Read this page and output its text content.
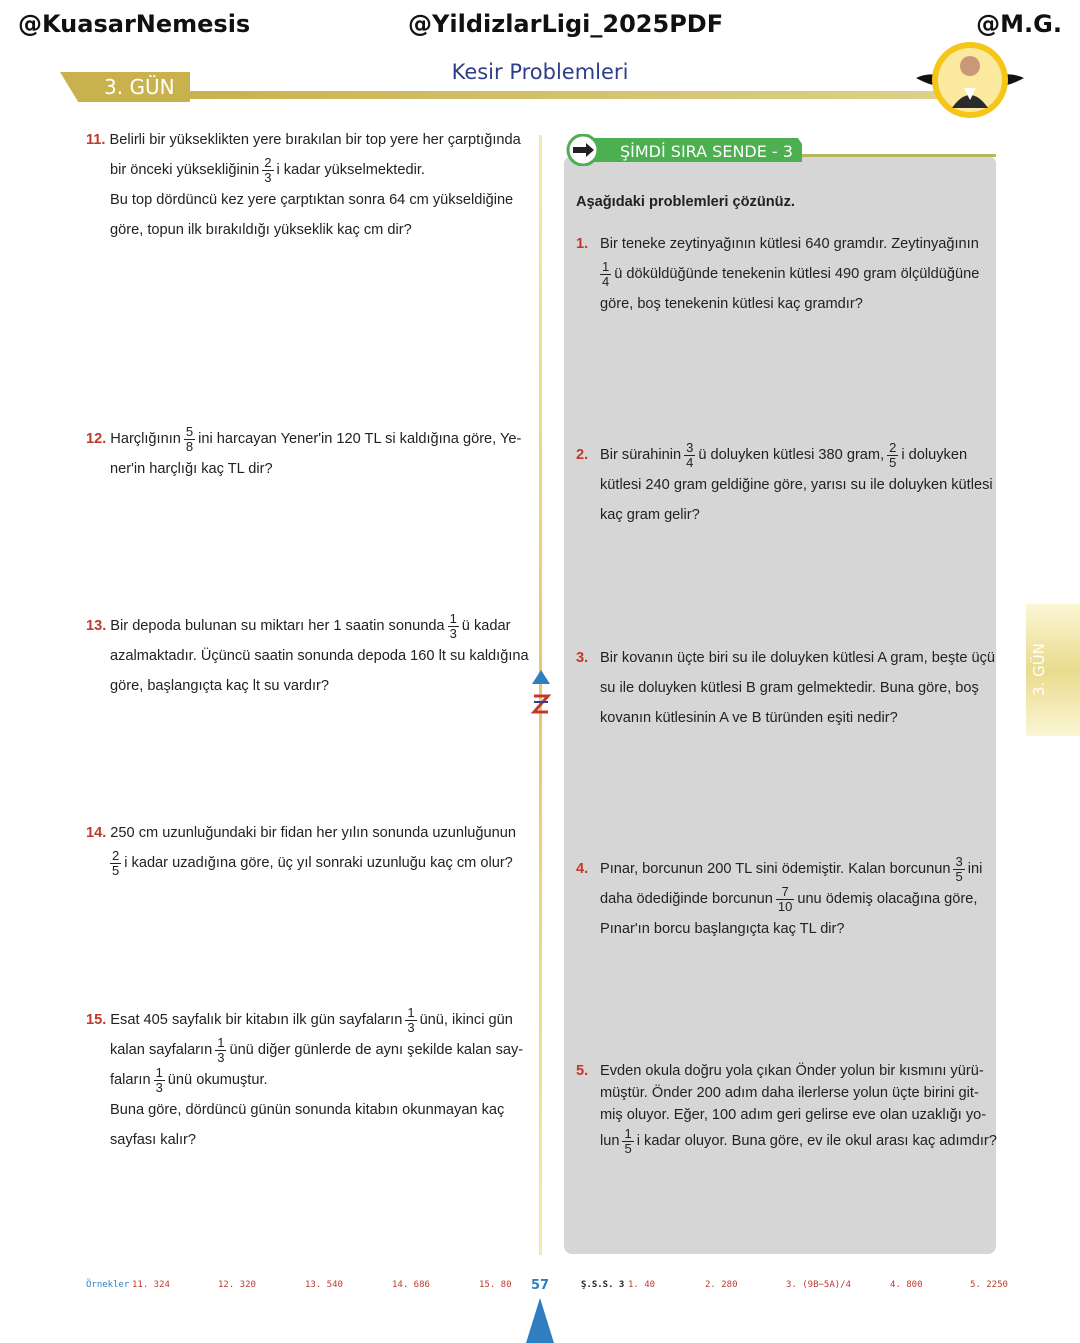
@KuasarNemesis	@YildizlarLigi_2025PDF	@M.G.
3. GÜN
Kesir Problemleri
11. Belirli bir yükseklikten yere bırakılan bir top yere her çarptığında
bir önceki yüksekliğinin $\frac{2}{3}$ i kadar yükselmektedir.
Bu top dördüncü kez yere çarptıktan sonra 64 cm yükseldiğine
göre, topun ilk bırakıldığı yükseklik kaç cm dir?
12. Harçlığının $\frac{5}{8}$ ini harcayan Yener'in 120 TL si kaldığına göre, Ye-
ner'in harçlığı kaç TL dir?
13. Bir depoda bulunan su miktarı her 1 saatin sonunda $\frac{1}{3}$ ü kadar
azalmaktadır. Üçüncü saatin sonunda depoda 160 lt su kaldığına
göre, başlangıçta kaç lt su vardır?
14. 250 cm uzunluğundaki bir fidan her yılın sonunda uzunluğunun
$\frac{2}{5}$ i kadar uzadığına göre, üç yıl sonraki uzunluğu kaç cm olur?
15. Esat 405 sayfalık bir kitabın ilk gün sayfaların $\frac{1}{3}$ ünü, ikinci gün
kalan sayfaların $\frac{1}{3}$ ünü diğer günlerde de aynı şekilde kalan say-
faların $\frac{1}{3}$ ünü okumuştur.
Buna göre, dördüncü günün sonunda kitabın okunmayan kaç
sayfası kalır?
ŞİMDİ SIRA SENDE - 3
Aşağıdaki problemleri çözünüz.
1. Bir teneke zeytinyağının kütlesi 640 gramdır. Zeytinyağının
$\frac{1}{4}$ ü döküldüğünde tenekenin kütlesi 490 gram ölçüldüğüne
göre, boş tenekenin kütlesi kaç gramdır?
2. Bir sürahinin $\frac{3}{4}$ ü doluyken kütlesi 380 gram, $\frac{2}{5}$ i doluyken
kütlesi 240 gram geldiğine göre, yarısı su ile doluyken kütlesi
kaç gram gelir?
3. Bir kovanın üçte biri su ile doluyken kütlesi A gram, beşte üçü
su ile doluyken kütlesi B gram gelmektedir. Buna göre, boş
kovanın kütlesinin A ve B türünden eşiti nedir?
4. Pınar, borcunun 200 TL sini ödemiştir. Kalan borcunun $\frac{3}{5}$ ini
daha ödediğinde borcunun $\frac{7}{10}$ unu ödemiş olacağına göre,
Pınar'ın borcu başlangıçta kaç TL dir?
5. Evden okula doğru yola çıkan Önder yolun bir kısmını yürü-
müştür. Önder 200 adım daha ilerlerse yolun üçte birini git-
miş oluyor. Eğer, 100 adım geri gelirse eve olan uzaklığı yo-
lun $\frac{1}{5}$ i kadar oluyor. Buna göre, ev ile okul arası kaç adımdır?
3. GÜN
Örnekler 11. 324	12. 320	13. 540	14. 686	15. 80 57	Ş.S.S. 3 1. 40	2. 280	3. (9B−5A)/4	4. 800	5. 2250
